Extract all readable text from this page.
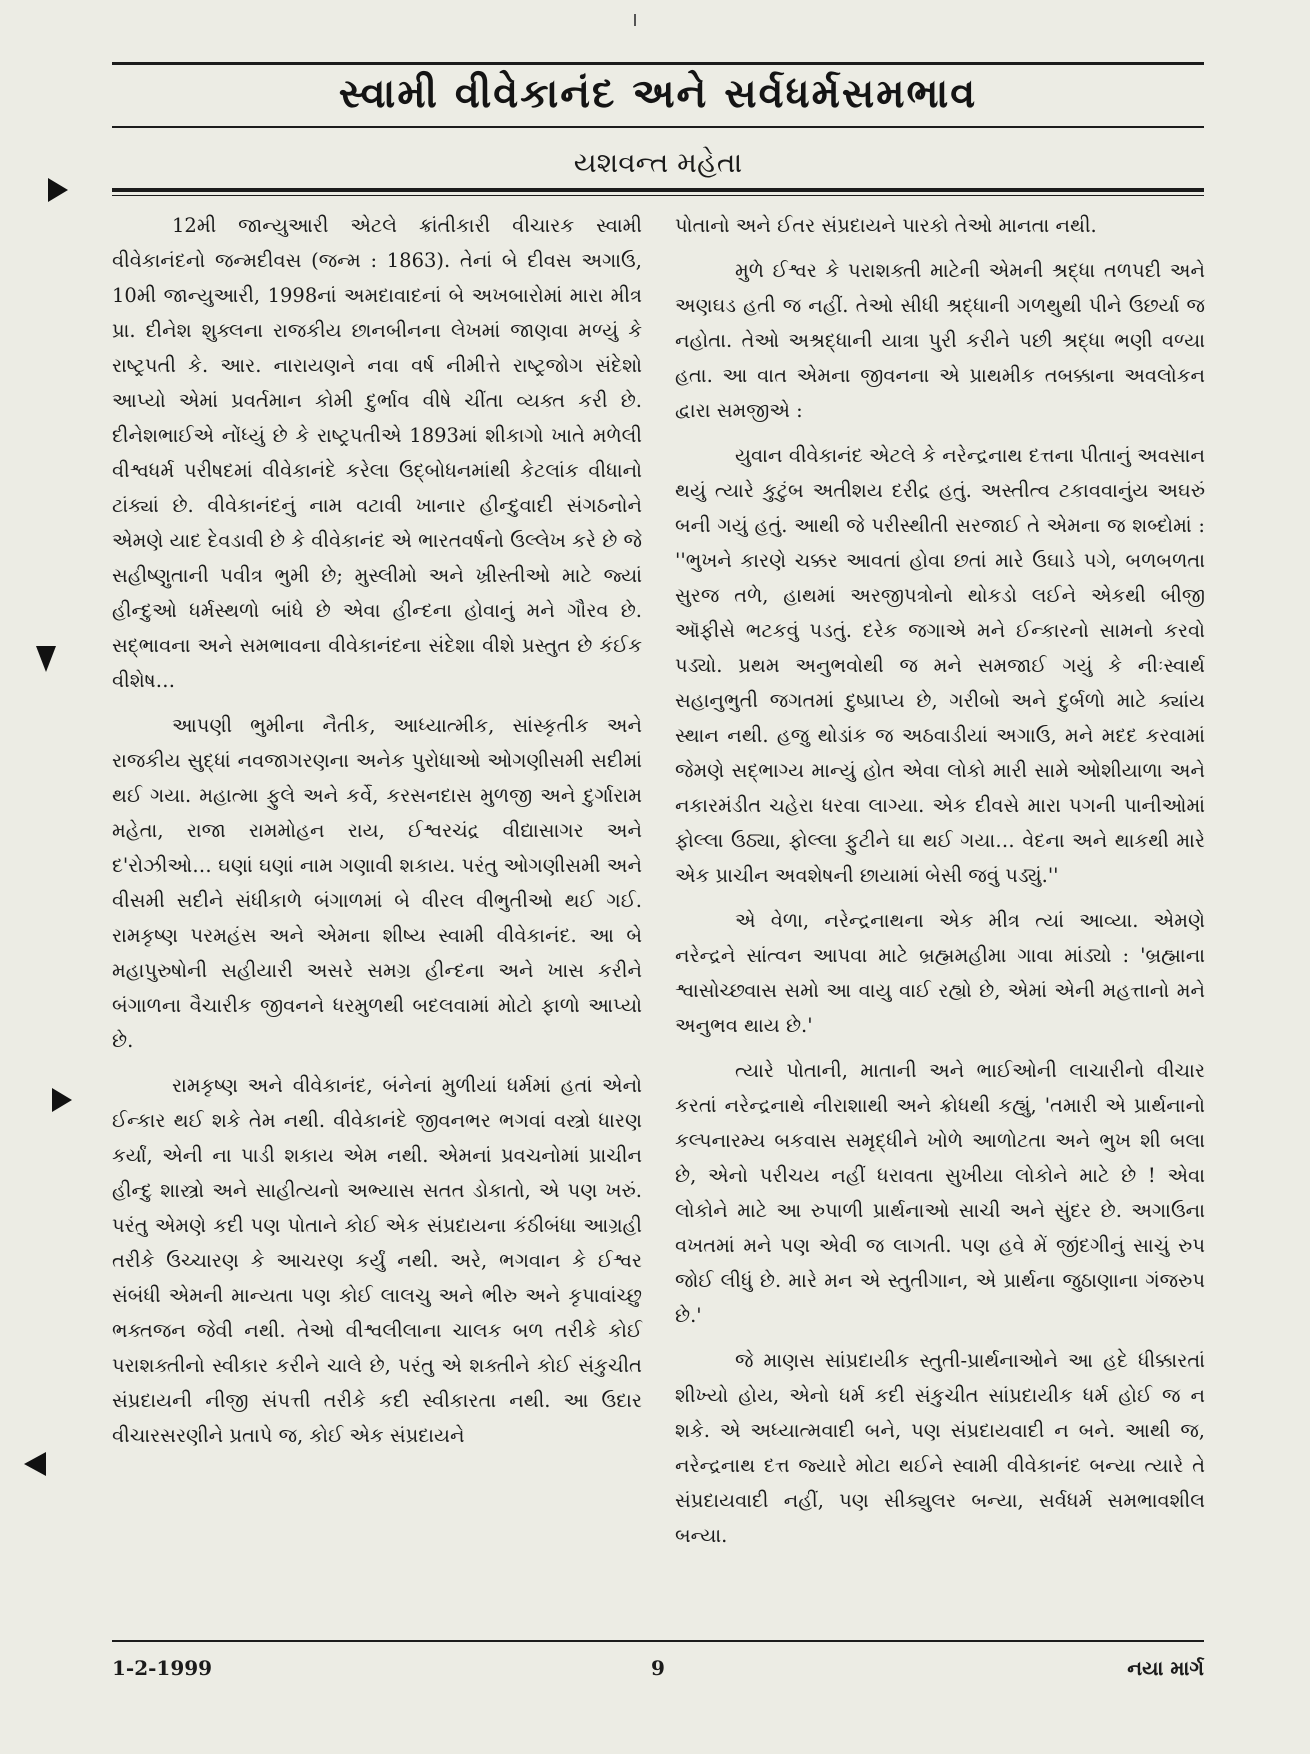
સ્વામી વીવેકાનંદ અને સર્વધર્મસમભાવ
યશવન્ત મહેતા

12મી જાન્યુઆરી એટલે ક્રાંતીકારી વીચારક સ્વામી વીવેકાનંદનો જન્મદીવસ (જન્મ : 1863). તેનાં બે દીવસ અગાઉ, 10મી જાન્યુઆરી, 1998નાં અમદાવાદનાં બે અખબારોમાં મારા મીત્ર પ્રા. દીનેશ શુક્લના રાજકીય છાનબીનના લેખમાં જાણવા મળ્યું કે રાષ્ટ્રપતી કે. આર. નારાયણને નવા વર્ષ નીમીત્તે રાષ્ટ્રજોગ સંદેશો આપ્યો એમાં પ્રવર્તમાન કોમી દુર્ભાવ વીષે ચીંતા વ્યક્ત કરી છે. દીનેશભાઈએ નોંધ્યું છે કે રાષ્ટ્રપતીએ 1893માં શીકાગો ખાતે મળેલી વીશ્વધર્મ પરીષદમાં વીવેકાનંદે કરેલા ઉદ્બોધનમાંથી કેટલાંક વીધાનો ટાંક્યાં છે. વીવેકાનંદનું નામ વટાવી ખાનાર હીન્દુવાદી સંગઠનોને એમણે યાદ દેવડાવી છે કે વીવેકાનંદ એ ભારતવર્ષનો ઉલ્લેખ કરે છે જે સહીષ્ણુતાની પવીત્ર ભુમી છે; મુસ્લીમો અને ખ્રીસ્તીઓ માટે જ્યાં હીન્દુઓ ધર્મસ્થળો બાંધે છે એવા હીન્દના હોવાનું મને ગૌરવ છે. સદ્ભાવના અને સમભાવના વીવેકાનંદના સંદેશા વીશે પ્રસ્તુત છે કંઈક વીશેષ…

આપણી ભુમીના નૈતીક, આધ્યાત્મીક, સાંસ્કૃતીક અને રાજકીય સુદ્ધાં નવજાગરણના અનેક પુરોધાઓ ઓગણીસમી સદીમાં થઈ ગયા. મહાત્મા ફુલે અને કર્વે, કરસનદાસ મુળજી અને દુર્ગારામ મહેતા, રાજા રામમોહન રાય, ઈશ્વરચંદ્ર વીદ્યાસાગર અને દ'રોઝીઓ… ઘણાં ઘણાં નામ ગણાવી શકાય. પરંતુ ઓગણીસમી અને વીસમી સદીને સંધીકાળે બંગાળમાં બે વીરલ વીભુતીઓ થઈ ગઈ. રામકૃષ્ણ પરમહંસ અને એમના શીષ્ય સ્વામી વીવેકાનંદ. આ બે મહાપુરુષોની સહીયારી અસરે સમગ્ર હીન્દના અને ખાસ કરીને બંગાળના વૈચારીક જીવનને ધરમુળથી બદલવામાં મોટો ફાળો આપ્યો છે.

રામકૃષ્ણ અને વીવેકાનંદ, બંનેનાં મુળીયાં ધર્મમાં હતાં એનો ઈન્કાર થઈ શકે તેમ નથી. વીવેકાનંદે જીવનભર ભગવાં વસ્ત્રો ધારણ કર્યાં, એની ના પાડી શકાય એમ નથી. એમનાં પ્રવચનોમાં પ્રાચીન હીન્દુ શાસ્ત્રો અને સાહીત્યનો અભ્યાસ સતત ડોકાતો, એ પણ ખરું. પરંતુ એમણે કદી પણ પોતાને કોઈ એક સંપ્રદાયના કંઠીબંધા આગ્રહી તરીકે ઉચ્ચારણ કે આચરણ કર્યું નથી. અરે, ભગવાન કે ઈશ્વર સંબંધી એમની માન્યતા પણ કોઈ લાલચુ અને ભીરુ અને કૃપાવાંચ્છુ ભક્તજન જેવી નથી. તેઓ વીશ્વલીલાના ચાલક બળ તરીકે કોઈ પરાશક્તીનો સ્વીકાર કરીને ચાલે છે, પરંતુ એ શક્તીને કોઈ સંકુચીત સંપ્રદાયની નીજી સંપત્તી તરીકે કદી સ્વીકારતા નથી. આ ઉદાર વીચારસરણીને પ્રતાપે જ, કોઈ એક સંપ્રદાયને

પોતાનો અને ઈતર સંપ્રદાયને પારકો તેઓ માનતા નથી.

મુળે ઈશ્વર કે પરાશક્તી માટેની એમની શ્રદ્ધા તળપદી અને અણઘડ હતી જ નહીં. તેઓ સીધી શ્રદ્ધાની ગળથુથી પીને ઉછર્યા જ નહોતા. તેઓ અશ્રદ્ધાની યાત્રા પુરી કરીને પછી શ્રદ્ધા ભણી વળ્યા હતા. આ વાત એમના જીવનના એ પ્રાથમીક તબક્કાના અવલોકન દ્વારા સમજીએ :

યુવાન વીવેકાનંદ એટલે કે નરેન્દ્રનાથ દત્તના પીતાનું અવસાન થયું ત્યારે કુટુંબ અતીશય દરીદ્ર હતું. અસ્તીત્વ ટકાવવાનુંય અઘરું બની ગયું હતું. આથી જે પરીસ્થીતી સરજાઈ તે એમના જ શબ્દોમાં : ''ભુખને કારણે ચક્કર આવતાં હોવા છતાં મારે ઉઘાડે પગે, બળબળતા સુરજ તળે, હાથમાં અરજીપત્રોનો થોકડો લઈને એકથી બીજી ઑફીસે ભટકવું પડતું. દરેક જગાએ મને ઈન્કારનો સામનો કરવો પડ્યો. પ્રથમ અનુભવોથી જ મને સમજાઈ ગયું કે નીઃસ્વાર્થ સહાનુભુતી જગતમાં દુષ્પ્રાપ્ય છે, ગરીબો અને દુર્બળો માટે ક્યાંય સ્થાન નથી. હજુ થોડાંક જ અઠવાડીયાં અગાઉ, મને મદદ કરવામાં જેમણે સદ્ભાગ્ય માન્યું હોત એવા લોકો મારી સામે ઓશીયાળા અને નકારમંડીત ચહેરા ધરવા લાગ્યા. એક દીવસે મારા પગની પાનીઓમાં ફોલ્લા ઉઠ્યા, ફોલ્લા ફુટીને ઘા થઈ ગયા… વેદના અને થાકથી મારે એક પ્રાચીન અવશેષની છાયામાં બેસી જવું પડ્યું.''

એ વેળા, નરેન્દ્રનાથના એક મીત્ર ત્યાં આવ્યા. એમણે નરેન્દ્રને સાંત્વન આપવા માટે બ્રહ્મમહીમા ગાવા માંડ્યો : 'બ્રહ્માના શ્વાસોચ્છ્વાસ સમો આ વાયુ વાઈ રહ્યો છે, એમાં એની મહત્તાનો મને અનુભવ થાય છે.'

ત્યારે પોતાની, માતાની અને ભાઈઓની લાચારીનો વીચાર કરતાં નરેન્દ્રનાથે નીરાશાથી અને ક્રોધથી કહ્યું, 'તમારી એ પ્રાર્થનાનો કલ્પનારમ્ય બકવાસ સમૃદ્ધીને ખોળે આળોટતા અને ભુખ શી બલા છે, એનો પરીચય નહીં ધરાવતા સુખીયા લોકોને માટે છે ! એવા લોકોને માટે આ રુપાળી પ્રાર્થનાઓ સાચી અને સુંદર છે. અગાઉના વખતમાં મને પણ એવી જ લાગતી. પણ હવે મેં જીંદગીનું સાચું રુપ જોઈ લીધું છે. મારે મન એ સ્તુતીગાન, એ પ્રાર્થના જુઠાણાના ગંજરુપ છે.'

જે માણસ સાંપ્રદાયીક સ્તુતી-પ્રાર્થનાઓને આ હદે ધીક્કારતાં શીખ્યો હોય, એનો ધર્મ કદી સંકુચીત સાંપ્રદાયીક ધર્મ હોઈ જ ન શકે. એ અધ્યાત્મવાદી બને, પણ સંપ્રદાયવાદી ન બને. આથી જ, નરેન્દ્રનાથ દત્ત જ્યારે મોટા થઈને સ્વામી વીવેકાનંદ બન્યા ત્યારે તે સંપ્રદાયવાદી નહીં, પણ સીક્યુલર બન્યા, સર્વધર્મ સમભાવશીલ બન્યા.

1-2-1999	9	નયા માર્ગ
